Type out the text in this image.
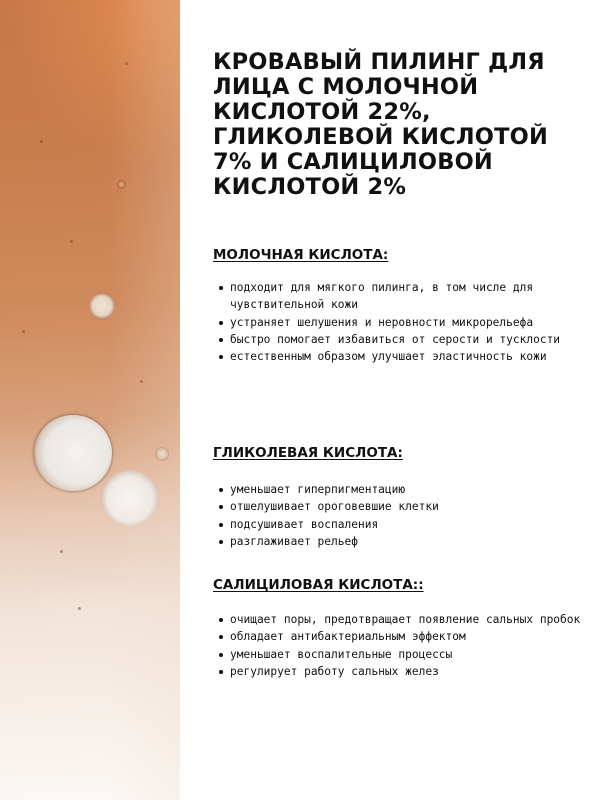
КРОВАВЫЙ ПИЛИНГ ДЛЯ ЛИЦА С МОЛОЧНОЙ КИСЛОТОЙ 22%, ГЛИКОЛЕВОЙ КИСЛОТОЙ 7% И САЛИЦИЛОВОЙ КИСЛОТОЙ 2%
МОЛОЧНАЯ КИСЛОТА:
подходит для мягкого пилинга, в том числе для чувствительной кожи
устраняет шелушения и неровности микрорельефа
быстро помогает избавиться от серости и тусклости
естественным образом улучшает эластичность кожи
ГЛИКОЛЕВАЯ КИСЛОТА:
уменьшает гиперпигментацию
отшелушивает ороговевшие клетки
подсушивает воспаления
разглаживает рельеф
САЛИЦИЛОВАЯ КИСЛОТА::
очищает поры, предотвращает появление сальных пробок
обладает антибактериальным эффектом
уменьшает воспалительные процессы
регулирует работу сальных желез
